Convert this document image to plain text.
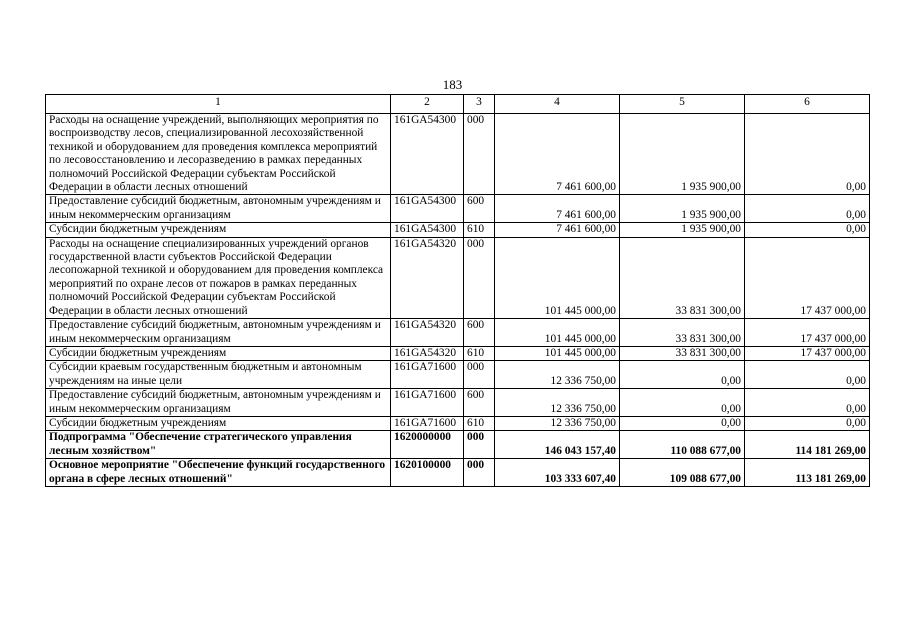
183
1	2	3	4	5	6
Расходы на оснащение учреждений, выполняющих мероприятия по воспроизводству лесов, специализированной лесохозяйственной техникой и оборудованием для проведения комплекса мероприятий по лесовосстановлению и лесоразведению в рамках переданных полномочий Российской Федерации субъектам Российской Федерации в области лесных отношений	161GA54300	000	7 461 600,00	1 935 900,00	0,00
Предоставление субсидий бюджетным, автономным учреждениям и иным некоммерческим организациям	161GA54300	600	7 461 600,00	1 935 900,00	0,00
Субсидии бюджетным учреждениям	161GA54300	610	7 461 600,00	1 935 900,00	0,00
Расходы на оснащение специализированных учреждений органов государственной власти субъектов Российской Федерации лесопожарной техникой и оборудованием для проведения комплекса мероприятий по охране лесов от пожаров в рамках переданных полномочий Российской Федерации субъектам Российской Федерации в области лесных отношений	161GA54320	000	101 445 000,00	33 831 300,00	17 437 000,00
Предоставление субсидий бюджетным, автономным учреждениям и иным некоммерческим организациям	161GA54320	600	101 445 000,00	33 831 300,00	17 437 000,00
Субсидии бюджетным учреждениям	161GA54320	610	101 445 000,00	33 831 300,00	17 437 000,00
Субсидии краевым государственным бюджетным и автономным учреждениям на иные цели	161GA71600	000	12 336 750,00	0,00	0,00
Предоставление субсидий бюджетным, автономным учреждениям и иным некоммерческим организациям	161GA71600	600	12 336 750,00	0,00	0,00
Субсидии бюджетным учреждениям	161GA71600	610	12 336 750,00	0,00	0,00
Подпрограмма "Обеспечение стратегического управления лесным хозяйством"	1620000000	000	146 043 157,40	110 088 677,00	114 181 269,00
Основное мероприятие "Обеспечение функций государственного органа в сфере лесных отношений"	1620100000	000	103 333 607,40	109 088 677,00	113 181 269,00
